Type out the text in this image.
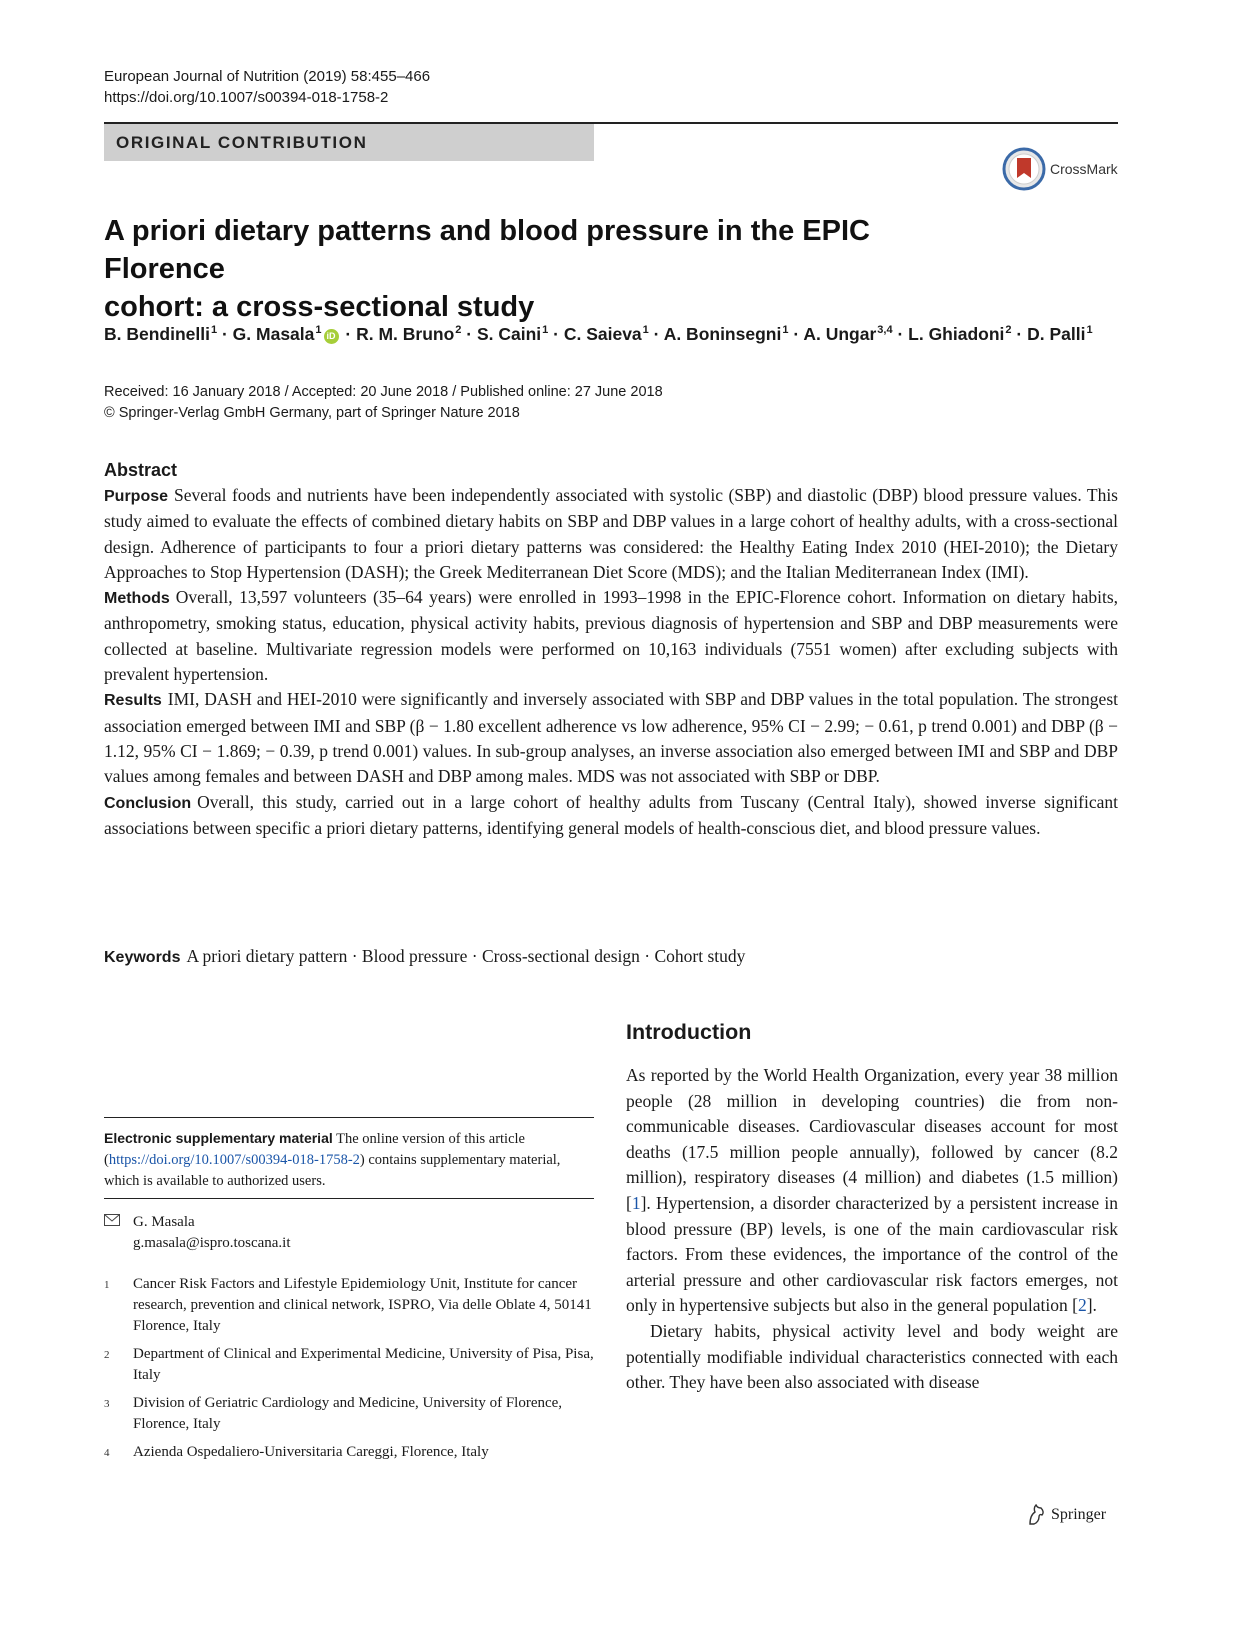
European Journal of Nutrition (2019) 58:455–466
https://doi.org/10.1007/s00394-018-1758-2
ORIGINAL CONTRIBUTION
CrossMark
A priori dietary patterns and blood pressure in the EPIC Florence
cohort: a cross-sectional study
B. Bendinelli$^1$ · G. Masala$^1$ iD · R. M. Bruno$^2$ · S. Caini$^1$ · C. Saieva$^1$ · A. Boninsegni$^1$ · A. Ungar$^{3,4}$ · L. Ghiadoni$^2$ · D. Palli$^1$
Received: 16 January 2018 / Accepted: 20 June 2018 / Published online: 27 June 2018
© Springer-Verlag GmbH Germany, part of Springer Nature 2018
Abstract

Purpose Several foods and nutrients have been independently associated with systolic (SBP) and diastolic (DBP) blood pressure values. This study aimed to evaluate the effects of combined dietary habits on SBP and DBP values in a large cohort of healthy adults, with a cross-sectional design. Adherence of participants to four a priori dietary patterns was considered: the Healthy Eating Index 2010 (HEI-2010); the Dietary Approaches to Stop Hypertension (DASH); the Greek Mediterranean Diet Score (MDS); and the Italian Mediterranean Index (IMI).

Methods Overall, 13,597 volunteers (35–64 years) were enrolled in 1993–1998 in the EPIC-Florence cohort. Information on dietary habits, anthropometry, smoking status, education, physical activity habits, previous diagnosis of hypertension and SBP and DBP measurements were collected at baseline. Multivariate regression models were performed on 10,163 individuals (7551 women) after excluding subjects with prevalent hypertension.

Results IMI, DASH and HEI-2010 were significantly and inversely associated with SBP and DBP values in the total population. The strongest association emerged between IMI and SBP (β − 1.80 excellent adherence vs low adherence, 95% CI − 2.99; − 0.61, p trend 0.001) and DBP (β − 1.12, 95% CI − 1.869; − 0.39, p trend 0.001) values. In sub-group analyses, an inverse association also emerged between IMI and SBP and DBP values among females and between DASH and DBP among males. MDS was not associated with SBP or DBP.

Conclusion Overall, this study, carried out in a large cohort of healthy adults from Tuscany (Central Italy), showed inverse significant associations between specific a priori dietary patterns, identifying general models of health-conscious diet, and blood pressure values.

Keywords A priori dietary pattern · Blood pressure · Cross-sectional design · Cohort study
Introduction

As reported by the World Health Organization, every year 38 million people (28 million in developing countries) die from non-communicable diseases. Cardiovascular diseases account for most deaths (17.5 million people annually), followed by cancer (8.2 million), respiratory diseases (4 million) and diabetes (1.5 million) [1]. Hypertension, a disorder characterized by a persistent increase in blood pressure (BP) levels, is one of the main cardiovascular risk factors. From these evidences, the importance of the control of the arterial pressure and other cardiovascular risk factors emerges, not only in hypertensive subjects but also in the general population [2].

Dietary habits, physical activity level and body weight are potentially modifiable individual characteristics connected with each other. They have been also associated with disease

Electronic supplementary material The online version of this article (https://doi.org/10.1007/s00394-018-1758-2) contains supplementary material, which is available to authorized users.
G. Masala
g.masala@ispro.toscana.it
1	Cancer Risk Factors and Lifestyle Epidemiology Unit, Institute for cancer research, prevention and clinical network, ISPRO, Via delle Oblate 4, 50141 Florence, Italy
2	Department of Clinical and Experimental Medicine, University of Pisa, Pisa, Italy
3	Division of Geriatric Cardiology and Medicine, University of Florence, Florence, Italy
4	Azienda Ospedaliero-Universitaria Careggi, Florence, Italy
Springer
